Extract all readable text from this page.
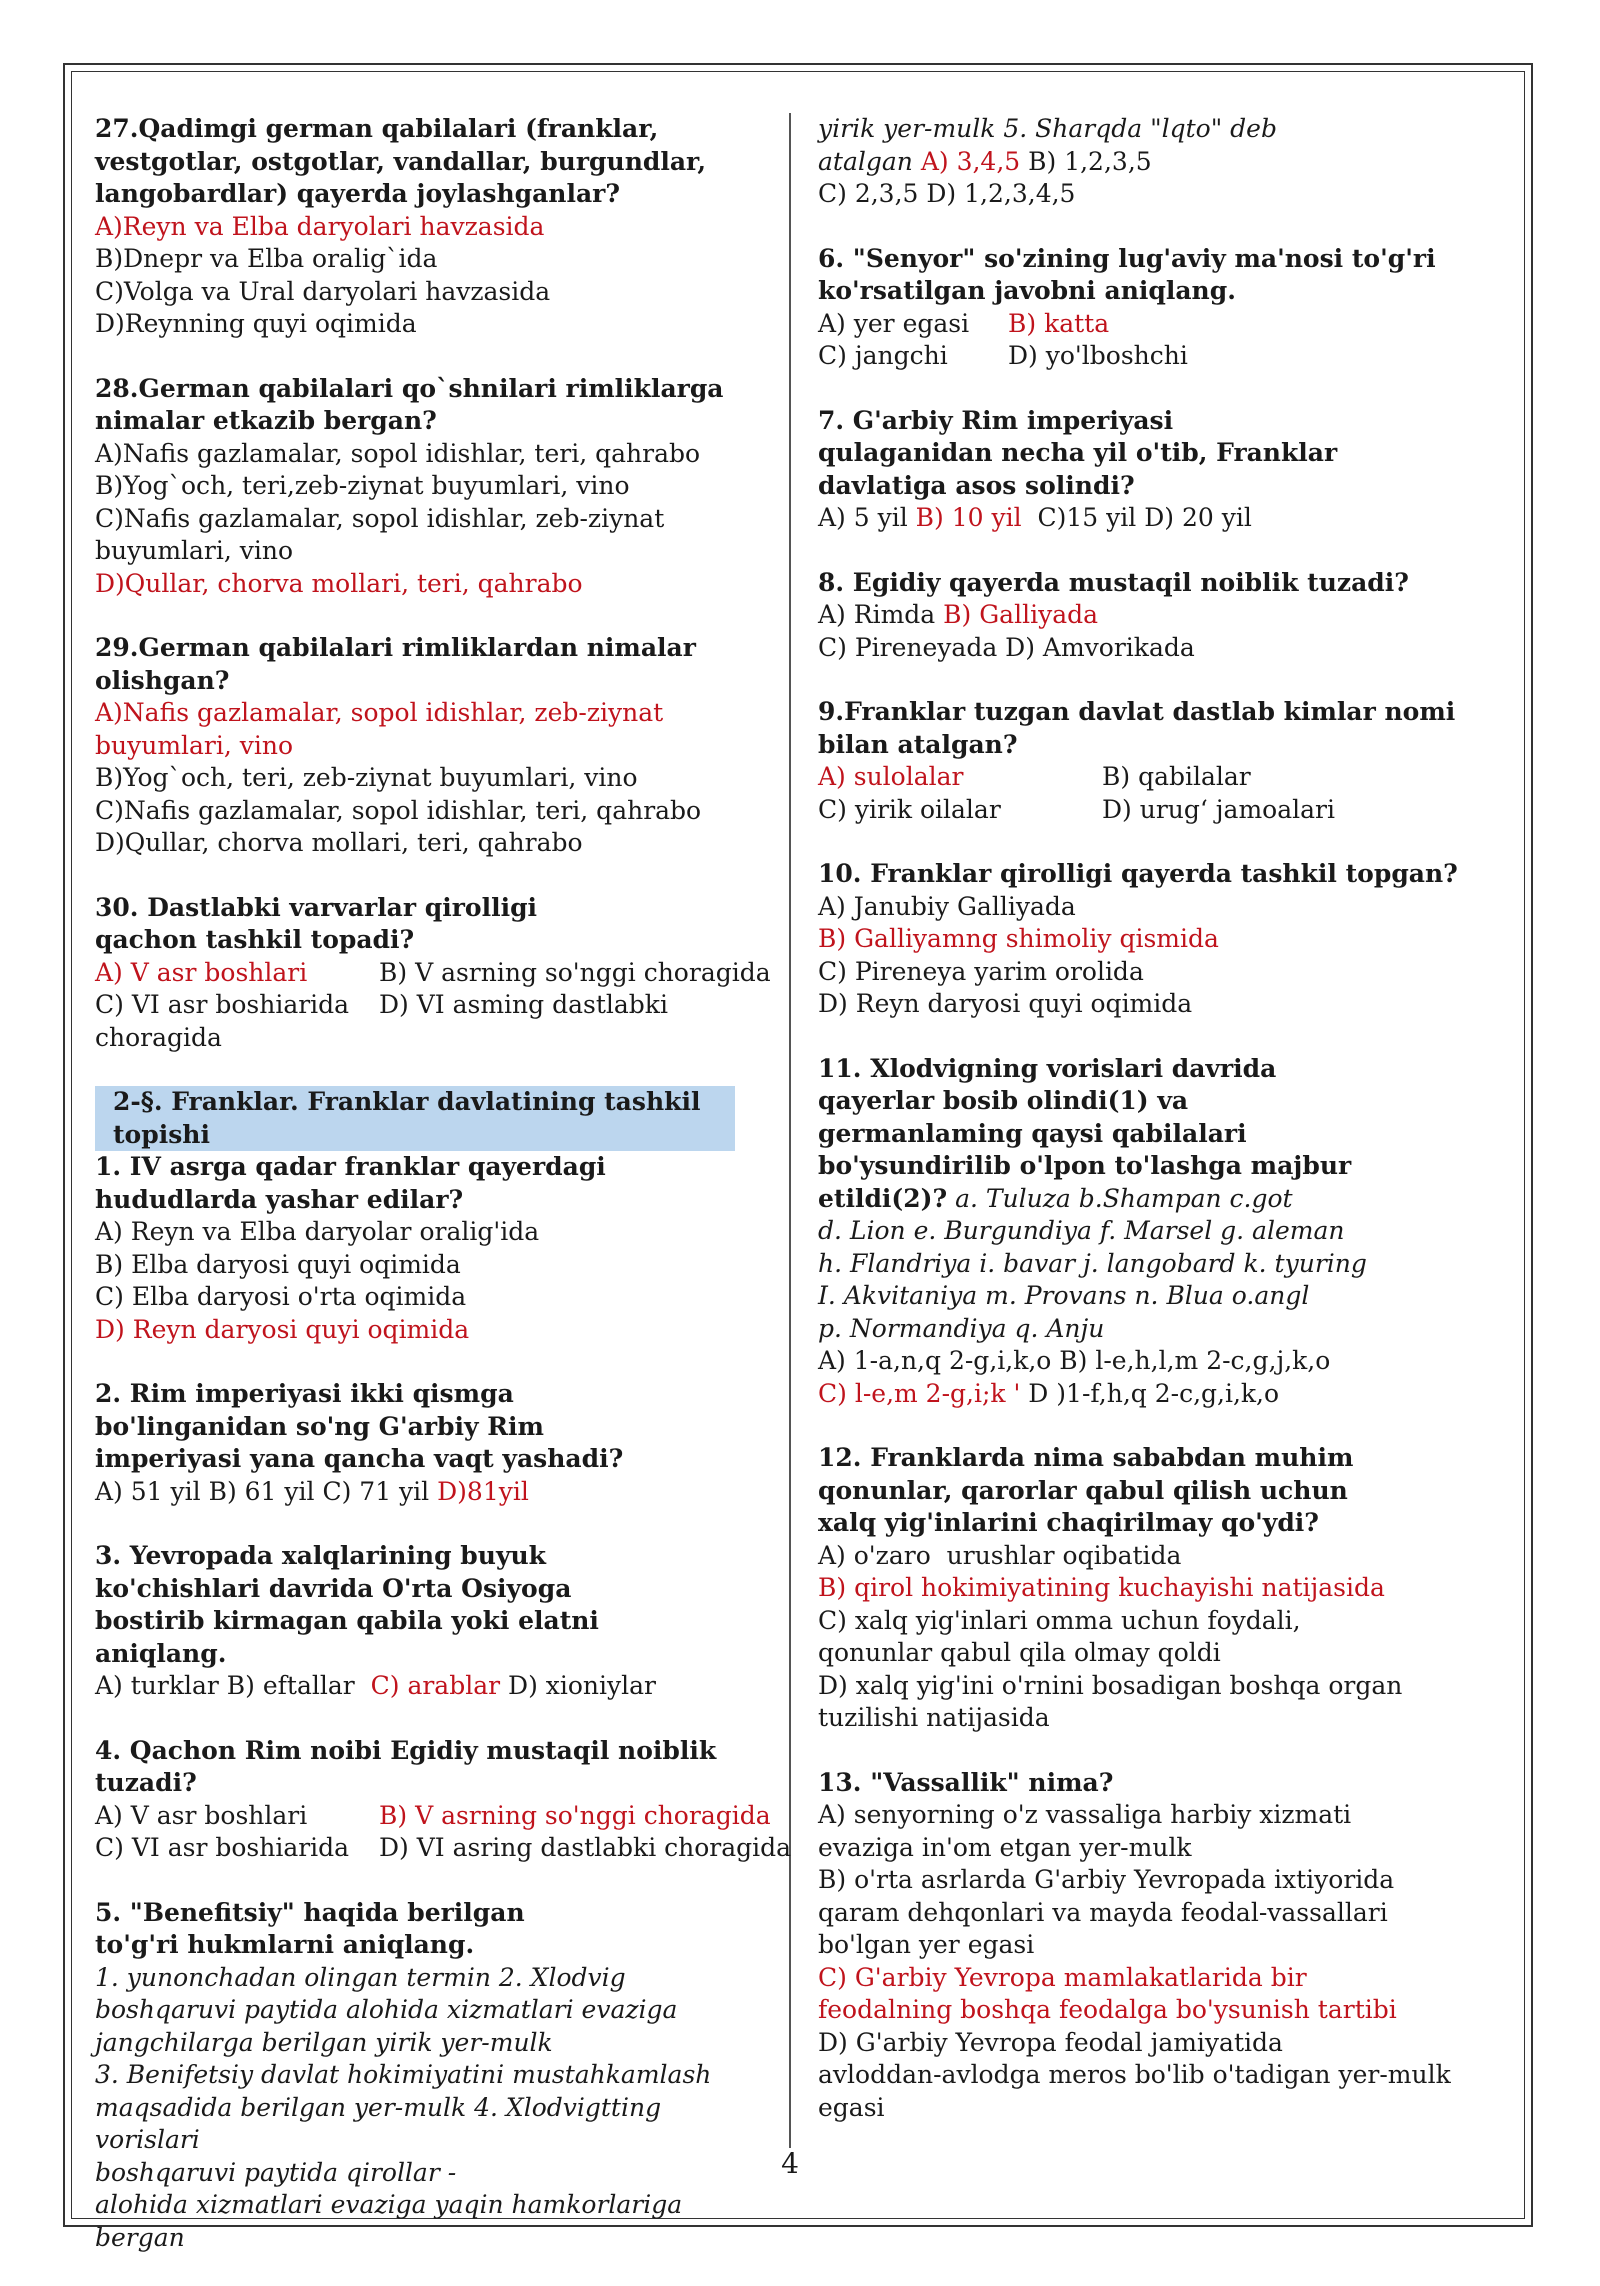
27.Qadimgi german qabilalari (franklar, vestgotlar, ostgotlar, vandallar, burgundlar, langobardlar) qayerda joylashganlar?
A)Reyn va Elba daryolari havzasida
B)Dnepr va Elba oralig`ida
C)Volga va Ural daryolari havzasida
D)Reynning quyi oqimida
28.German qabilalari qo`shnilari rimliklarga nimalar etkazib bergan?
A)Nafis gazlamalar, sopol idishlar, teri, qahrabo
B)Yog`och, teri,zeb-ziynat buyumlari, vino
C)Nafis gazlamalar, sopol idishlar, zeb-ziynat buyumlari, vino
D)Qullar, chorva mollari, teri, qahrabo
29.German qabilalari rimliklardan nimalar olishgan?
A)Nafis gazlamalar, sopol idishlar, zeb-ziynat buyumlari, vino
B)Yog`och, teri, zeb-ziynat buyumlari, vino
C)Nafis gazlamalar, sopol idishlar, teri, qahrabo
D)Qullar, chorva mollari, teri, qahrabo
30. Dastlabki varvarlar qirolligi qachon tashkil topadi?
A) V asr boshlari	B) V asrning so'nggi choragida
C) VI asr boshiarida	D) VI asming dastlabki
choragida
2-§. Franklar. Franklar davlatining tashkil topishi
1. IV asrga qadar franklar qayerdagi hududlarda yashar edilar?
A) Reyn va Elba daryolar oralig'ida
B) Elba daryosi quyi oqimida
C) Elba daryosi o'rta oqimida
D) Reyn daryosi quyi oqimida
2. Rim imperiyasi ikki qismga bo'linganidan so'ng G'arbiy Rim imperiyasi yana qancha vaqt yashadi?
A) 51 yil B) 61 yil C) 71 yil D)81yil
3. Yevropada xalqlarining buyuk ko'chishlari davrida O'rta Osiyoga bostirib kirmagan qabila yoki elatni aniqlang.
A) turklar B) eftallar  C) arablar D) xioniylar
4. Qachon Rim noibi Egidiy mustaqil noiblik tuzadi?
A) V asr boshlari	B) V asrning so'nggi choragida
C) VI asr boshiarida	D) VI asring dastlabki choragida
5. "Benefitsiy" haqida berilgan to'g'ri hukmlarni aniqlang.
1. yunonchadan olingan termin 2. Xlodvig
boshqaruvi paytida alohida xizmatlari evaziga
jangchilarga berilgan yirik yer-mulk
3. Benifetsiy davlat hokimiyatini mustahkamlash
maqsadida berilgan yer-mulk 4. Xlodvigtting vorislari
boshqaruvi paytida qirollar -
alohida xizmatlari evaziga yaqin hamkorlariga bergan
yirik yer-mulk 5. Sharqda "lqto" deb
atalgan A) 3,4,5 B) 1,2,3,5
C) 2,3,5 D) 1,2,3,4,5
6. "Senyor" so'zining lug'aviy ma'nosi to'g'ri ko'rsatilgan javobni aniqlang.
A) yer egasi	B) katta
C) jangchi	D) yo'lboshchi
7. G'arbiy Rim imperiyasi qulaganidan necha yil o'tib, Franklar davlatiga asos solindi?
A) 5 yil B) 10 yil  C)15 yil D) 20 yil
8. Egidiy qayerda mustaqil noiblik tuzadi?
A) Rimda B) Galliyada
C) Pireneyada D) Amvorikada
9.Franklar tuzgan davlat dastlab kimlar nomi bilan atalgan?
A) sulolalar	B) qabilalar
C) yirik oilalar	D) urug‘ jamoalari
10. Franklar qirolligi qayerda tashkil topgan?
A) Janubiy Galliyada
B) Galliyamng shimoliy qismida
C) Pireneya yarim orolida
D) Reyn daryosi quyi oqimida
11. Xlodvigning vorislari davrida qayerlar bosib olindi(1) va germanlaming qaysi qabilalari bo'ysundirilib o'lpon to'lashga majbur etildi(2)? a. Tuluza b.Shampan c.got
d. Lion e. Burgundiya f. Marsel g. aleman
h. Flandriya i. bavar j. langobard k. tyuring
I. Akvitaniya m. Provans n. Blua o.angl
p. Normandiya q. Anju
A) 1-a,n,q 2-g,i,k,o B) l-e,h,l,m 2-c,g,j,k,o
C) l-e,m 2-g,i;k ' D )1-f,h,q 2-c,g,i,k,o
12. Franklarda nima sababdan muhim qonunlar, qarorlar qabul qilish uchun xalq yig'inlarini chaqirilmay qo'ydi?
A) o'zaro  urushlar oqibatida
B) qirol hokimiyatining kuchayishi natijasida
C) xalq yig'inlari omma uchun foydali,
qonunlar qabul qila olmay qoldi
D) xalq yig'ini o'rnini bosadigan boshqa organ
tuzilishi natijasida
13. "Vassallik" nima?
A) senyorning o'z vassaliga harbiy xizmati
evaziga in'om etgan yer-mulk
B) o'rta asrlarda G'arbiy Yevropada ixtiyorida
qaram dehqonlari va mayda feodal-vassallari
bo'lgan yer egasi
C) G'arbiy Yevropa mamlakatlarida bir
feodalning boshqa feodalga bo'ysunish tartibi
D) G'arbiy Yevropa feodal jamiyatida
avloddan-avlodga meros bo'lib o'tadigan yer-mulk egasi
4
